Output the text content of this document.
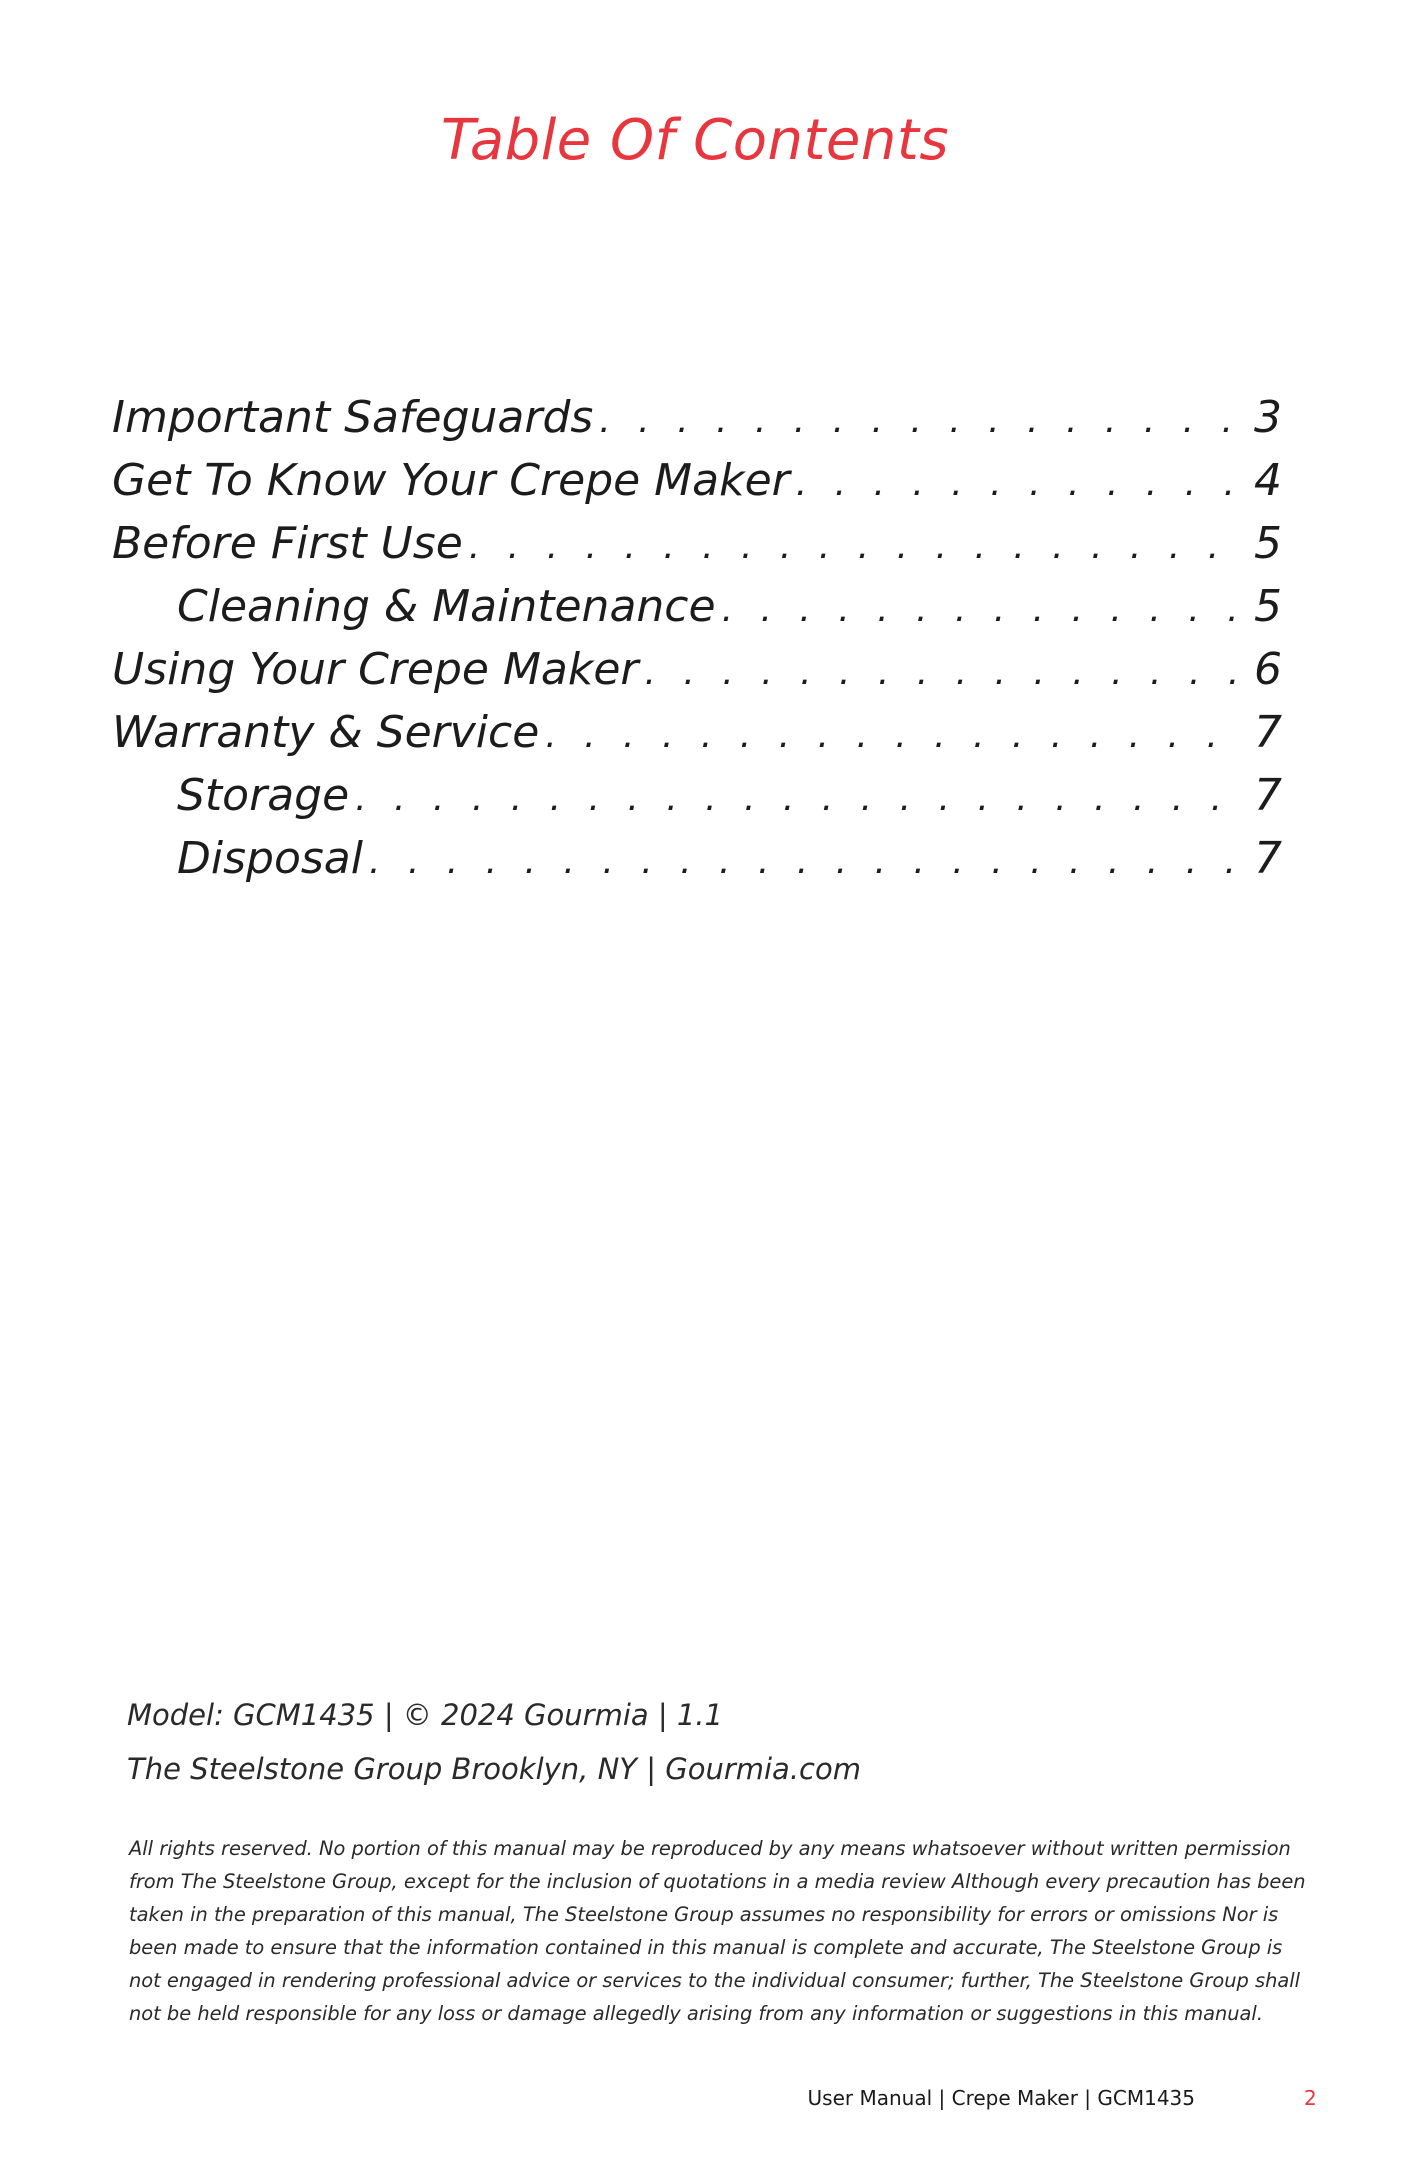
Table Of Contents
Important Safeguards . . .	3
Get To Know Your Crepe Maker . . .	4
Before First Use . . .	5
Cleaning & Maintenance . . .	5
Using Your Crepe Maker . . .	6
Warranty & Service . . .	7
Storage . . .	7
Disposal . . .	7

Model: GCM1435 | © 2024 Gourmia | 1.1

The Steelstone Group Brooklyn, NY | Gourmia.com

All rights reserved. No portion of this manual may be reproduced by any means whatsoever without written permission from The Steelstone Group, except for the inclusion of quotations in a media review Although every precaution has been taken in the preparation of this manual, The Steelstone Group assumes no responsibility for errors or omissions Nor is been made to ensure that the information contained in this manual is complete and accurate, The Steelstone Group is not engaged in rendering professional advice or services to the individual consumer; further, The Steelstone Group shall not be held responsible for any loss or damage allegedly arising from any information or suggestions in this manual.

User Manual | Crepe Maker | GCM1435	2
